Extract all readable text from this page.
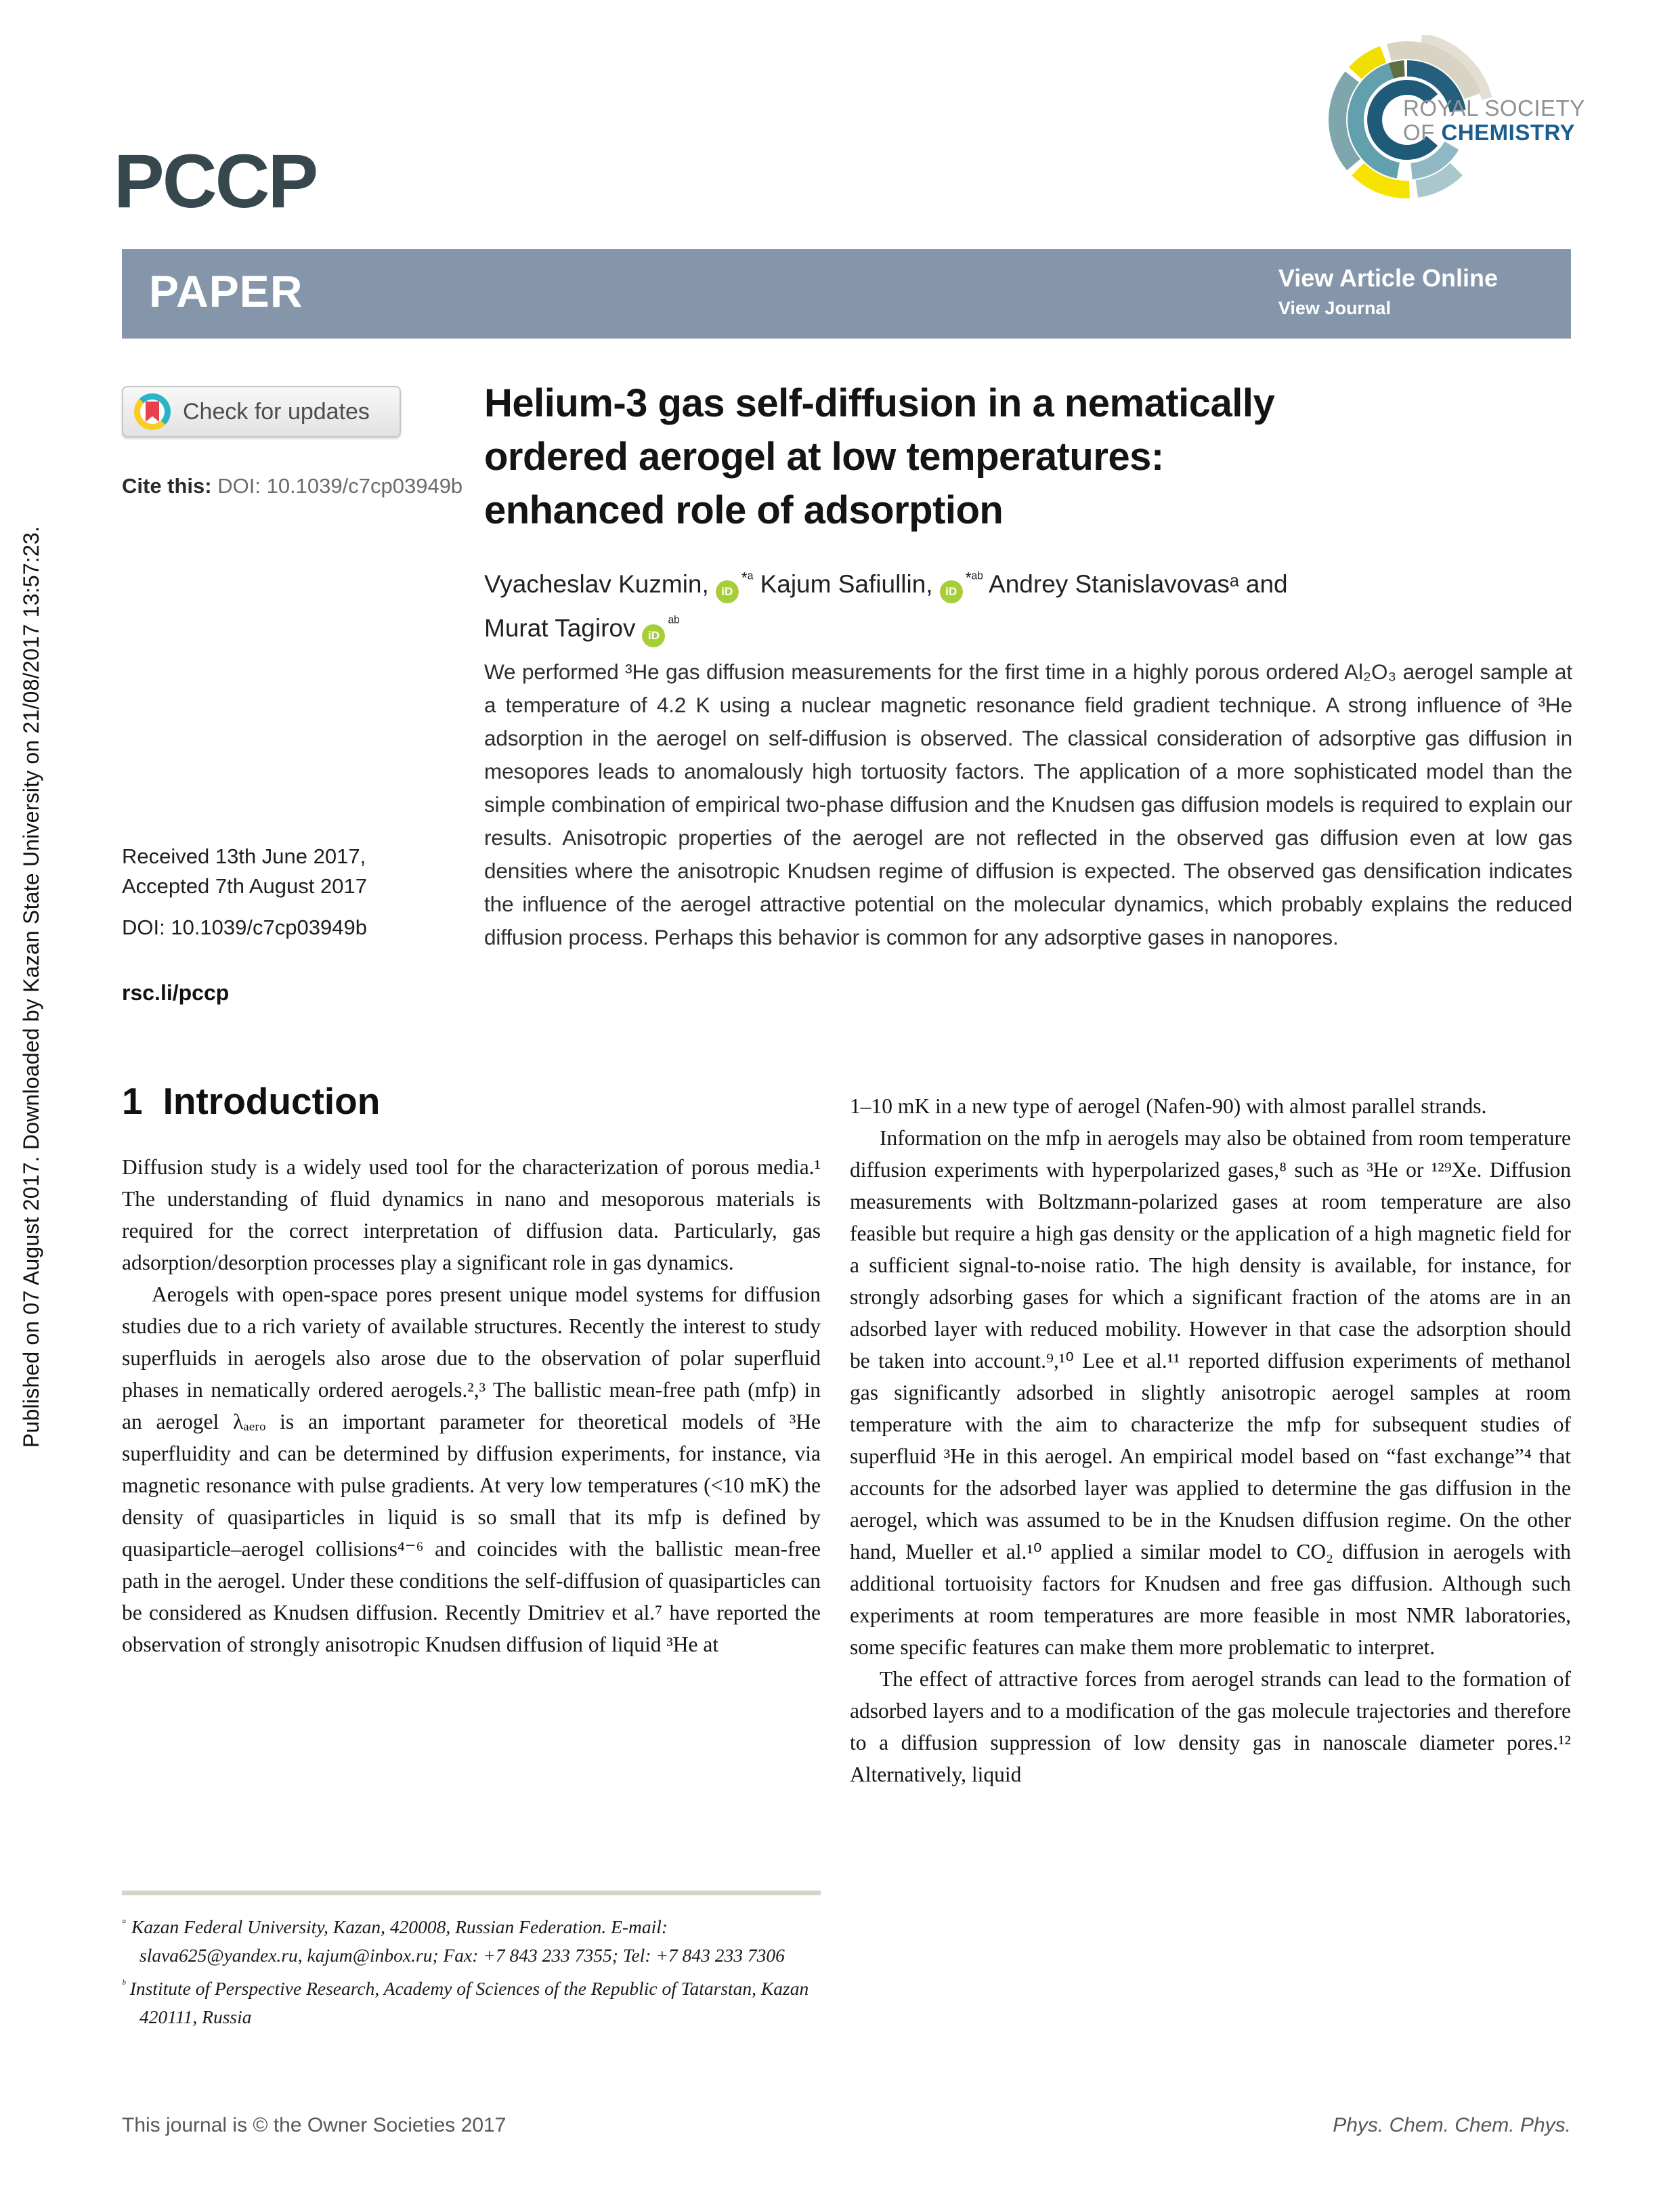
Published on 07 August 2017. Downloaded by Kazan State University on 21/08/2017 13:57:23.
PCCP
ROYAL SOCIETY
OF CHEMISTRY
PAPER	View Article Online
View Journal
Check for updates
Cite this: DOI: 10.1039/c7cp03949b
Helium-3 gas self-diffusion in a nematically
ordered aerogel at low temperatures:
enhanced role of adsorption
Vyacheslav Kuzmin, $iD^{*ᵃ}$ Kajum Safiullin, $iD^{*ᵃᵇ}$ Andrey Stanislavovasᵃ and
Murat Tagirov $iD^{ᵃᵇ}$
We performed ³He gas diffusion measurements for the first time in a highly porous ordered Al₂O₃ aerogel sample at a temperature of 4.2 K using a nuclear magnetic resonance field gradient technique. A strong influence of ³He adsorption in the aerogel on self-diffusion is observed. The classical consideration of adsorptive gas diffusion in mesopores leads to anomalously high tortuosity factors. The application of a more sophisticated model than the simple combination of empirical two-phase diffusion and the Knudsen gas diffusion models is required to explain our results. Anisotropic properties of the aerogel are not reflected in the observed gas diffusion even at low gas densities where the anisotropic Knudsen regime of diffusion is expected. The observed gas densification indicates the influence of the aerogel attractive potential on the molecular dynamics, which probably explains the reduced diffusion process. Perhaps this behavior is common for any adsorptive gases in nanopores.
Received 13th June 2017,
Accepted 7th August 2017
DOI: 10.1039/c7cp03949b
rsc.li/pccp
1 Introduction

Diffusion study is a widely used tool for the characterization of porous media.¹ The understanding of fluid dynamics in nano and mesoporous materials is required for the correct interpretation of diffusion data. Particularly, gas adsorption/desorption processes play a significant role in gas dynamics.

Aerogels with open-space pores present unique model systems for diffusion studies due to a rich variety of available structures. Recently the interest to study superfluids in aerogels also arose due to the observation of polar superfluid phases in nematically ordered aerogels.²,³ The ballistic mean-free path (mfp) in an aerogel λₐₑᵣₒ is an important parameter for theoretical models of ³He superfluidity and can be determined by diffusion experiments, for instance, via magnetic resonance with pulse gradients. At very low temperatures (<10 mK) the density of quasiparticles in liquid is so small that its mfp is defined by quasiparticle–aerogel collisions⁴⁻⁶ and coincides with the ballistic mean-free path in the aerogel. Under these conditions the self-diffusion of quasiparticles can be considered as Knudsen diffusion. Recently Dmitriev et al.⁷ have reported the observation of strongly anisotropic Knudsen diffusion of liquid ³He at

1–10 mK in a new type of aerogel (Nafen-90) with almost parallel strands.

Information on the mfp in aerogels may also be obtained from room temperature diffusion experiments with hyperpolarized gases,⁸ such as ³He or ¹²⁹Xe. Diffusion measurements with Boltzmann-polarized gases at room temperature are also feasible but require a high gas density or the application of a high magnetic field for a sufficient signal-to-noise ratio. The high density is available, for instance, for strongly adsorbing gases for which a significant fraction of the atoms are in an adsorbed layer with reduced mobility. However in that case the adsorption should be taken into account.⁹,¹⁰ Lee et al.¹¹ reported diffusion experiments of methanol gas significantly adsorbed in slightly anisotropic aerogel samples at room temperature with the aim to characterize the mfp for subsequent studies of superfluid ³He in this aerogel. An empirical model based on “fast exchange”⁴ that accounts for the adsorbed layer was applied to determine the gas diffusion in the aerogel, which was assumed to be in the Knudsen diffusion regime. On the other hand, Mueller et al.¹⁰ applied a similar model to CO₂ diffusion in aerogels with additional tortuoisity factors for Knudsen and free gas diffusion. Although such experiments at room temperatures are more feasible in most NMR laboratories, some specific features can make them more problematic to interpret.

The effect of attractive forces from aerogel strands can lead to the formation of adsorbed layers and to a modification of the gas molecule trajectories and therefore to a diffusion suppression of low density gas in nanoscale diameter pores.¹² Alternatively, liquid

$^ᵃ$ Kazan Federal University, Kazan, 420008, Russian Federation. E-mail: slava625@yandex.ru, kajum@inbox.ru; Fax: +7 843 233 7355; Tel: +7 843 233 7306

$^ᵇ$ Institute of Perspective Research, Academy of Sciences of the Republic of Tatarstan, Kazan 420111, Russia

This journal is © the Owner Societies 2017	Phys. Chem. Chem. Phys.
